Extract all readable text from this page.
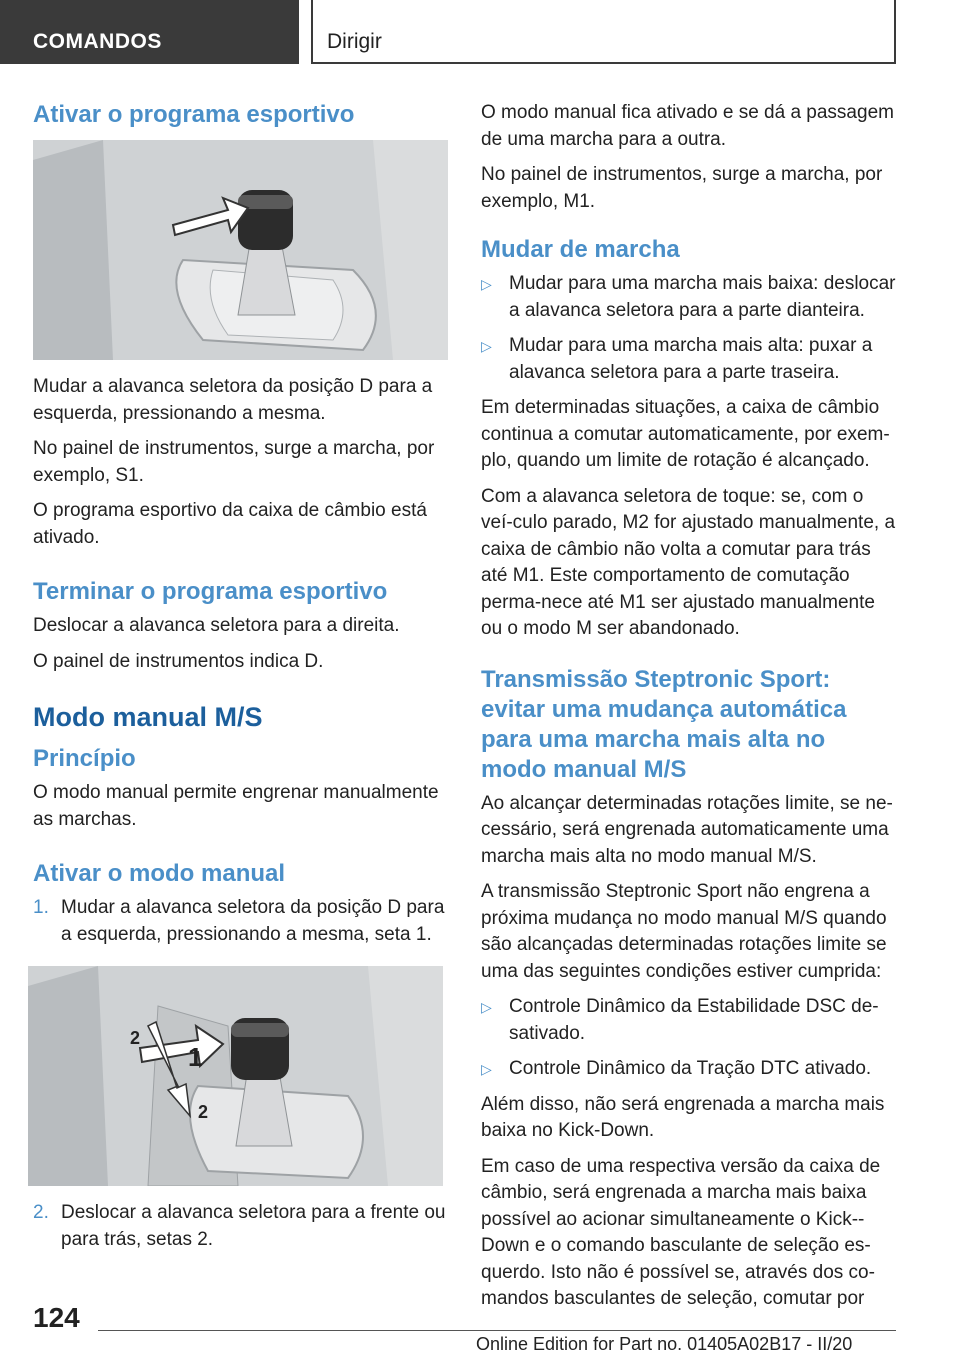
COMANDOS	Dirigir
Ativar o programa esportivo

Mudar a alavanca seletora da posição D para a esquerda, pressionando a mesma.

No painel de instrumentos, surge a marcha, por exemplo, S1.

O programa esportivo da caixa de câmbio está ativado.

Terminar o programa esportivo

Deslocar a alavanca seletora para a direita.

O painel de instrumentos indica D.

Modo manual M/S
Princípio

O modo manual permite engrenar manualmente as marchas.

Ativar o modo manual
1. Mudar a alavanca seletora da posição D para a esquerda, pressionando a mesma, seta 1.
1
2
2
2. Deslocar a alavanca seletora para a frente ou para trás, setas 2.

O modo manual fica ativado e se dá a passagem de uma marcha para a outra.

No painel de instrumentos, surge a marcha, por exemplo, M1.

Mudar de marcha
▷ Mudar para uma marcha mais baixa: deslocar a alavanca seletora para a parte dianteira.
▷ Mudar para uma marcha mais alta: puxar a alavanca seletora para a parte traseira.

Em determinadas situações, a caixa de câmbio continua a comutar automaticamente, por exem-plo, quando um limite de rotação é alcançado.

Com a alavanca seletora de toque: se, com o veí-culo parado, M2 for ajustado manualmente, a caixa de câmbio não volta a comutar para trás até M1. Este comportamento de comutação perma-nece até M1 ser ajustado manualmente ou o modo M ser abandonado.

Transmissão Steptronic Sport: evitar uma mudança automática para uma marcha mais alta no modo manual M/S

Ao alcançar determinadas rotações limite, se ne-cessário, será engrenada automaticamente uma marcha mais alta no modo manual M/S.

A transmissão Steptronic Sport não engrena a próxima mudança no modo manual M/S quando são alcançadas determinadas rotações limite se uma das seguintes condições estiver cumprida:

▷ Controle Dinâmico da Estabilidade DSC de-sativado.
▷ Controle Dinâmico da Tração DTC ativado.

Além disso, não será engrenada a marcha mais baixa no Kick-Down.

Em caso de uma respectiva versão da caixa de câmbio, será engrenada a marcha mais baixa possível ao acionar simultaneamente o Kick--Down e o comando basculante de seleção es-querdo. Isto não é possível se, através dos co-mandos basculantes de seleção, comutar por

124
Online Edition for Part no. 01405A02B17 - II/20
